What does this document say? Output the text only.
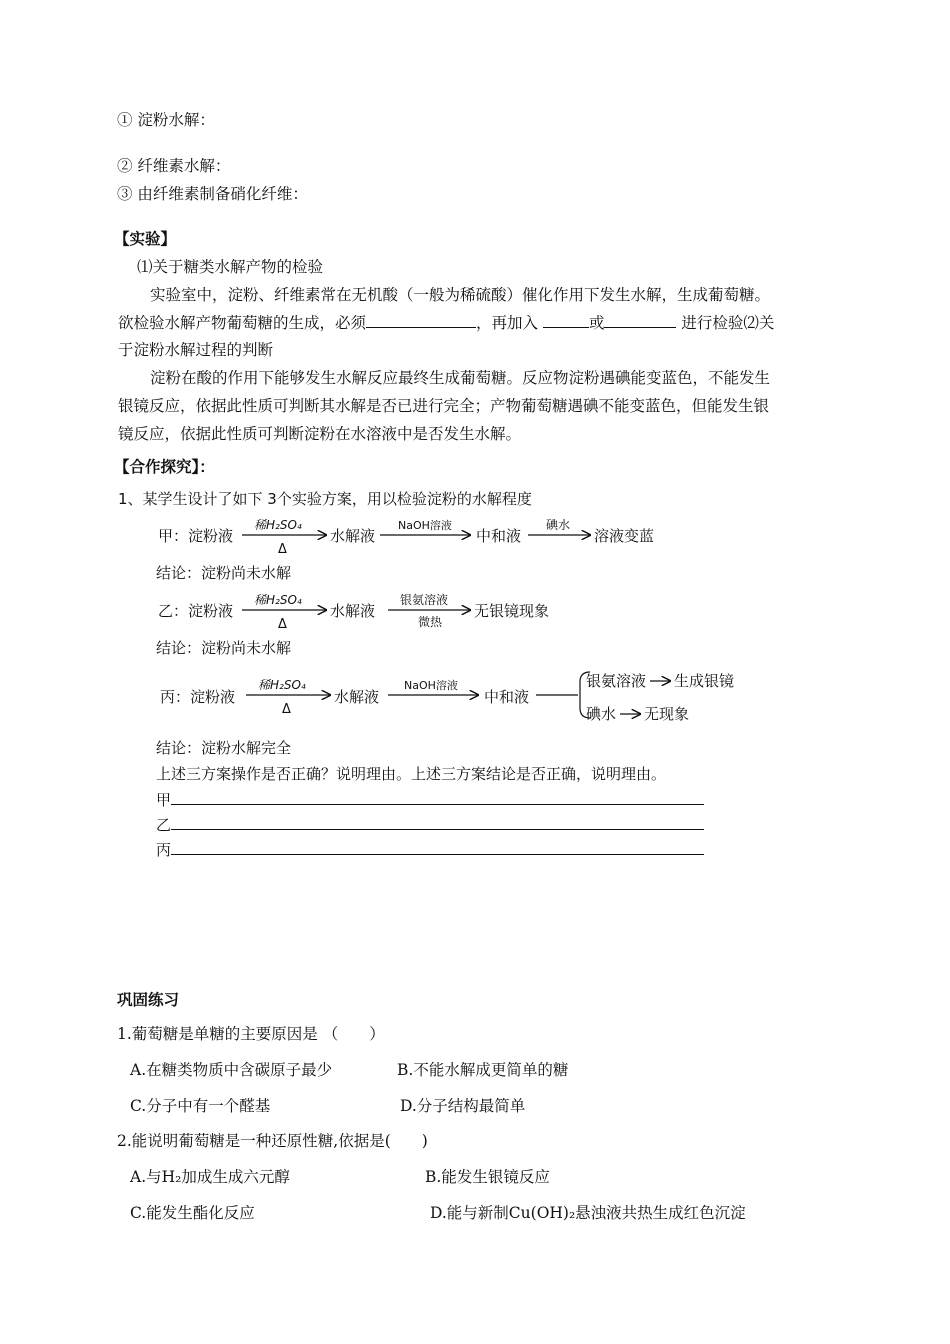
① 淀粉水解：
② 纤维素水解：
③ 由纤维素制备硝化纤维：
【实验】
⑴关于糖类水解产物的检验
实验室中，淀粉、纤维素常在无机酸（一般为稀硫酸）催化作用下发生水解，生成葡萄糖。
欲检验水解产物葡萄糖的生成，必须	，再加入	或	进行检验⑵关
于淀粉水解过程的判断
淀粉在酸的作用下能够发生水解反应最终生成葡萄糖。反应物淀粉遇碘能变蓝色，不能发生
银镜反应，依据此性质可判断其水解是否已进行完全；产物葡萄糖遇碘不能变蓝色，但能发生银
镜反应，依据此性质可判断淀粉在水溶液中是否发生水解。
【合作探究】：
1、某学生设计了如下 3个实验方案，用以检验淀粉的水解程度
甲：淀粉液
稀H₂SO₄
Δ
水解液
NaOH溶液
中和液
碘水
溶液变蓝
结论：淀粉尚未水解
乙：淀粉液
稀H₂SO₄
Δ
水解液
银氨溶液
微热
无银镜现象
结论：淀粉尚未水解
丙：淀粉液
稀H₂SO₄
Δ
水解液
NaOH溶液
中和液
银氨溶液 生成银镜
碘水 无现象
结论：淀粉水解完全
上述三方案操作是否正确？说明理由。上述三方案结论是否正确，说明理由。
甲
乙
丙
巩固练习
1.葡萄糖是单糖的主要原因是 （　　）
A.在糖类物质中含碳原子最少	B.不能水解成更简单的糖
C.分子中有一个醛基	D.分子结构最简单
2.能说明葡萄糖是一种还原性糖,依据是(　　)
A.与H₂加成生成六元醇	B.能发生银镜反应
C.能发生酯化反应	D.能与新制Cu(OH)₂悬浊液共热生成红色沉淀
